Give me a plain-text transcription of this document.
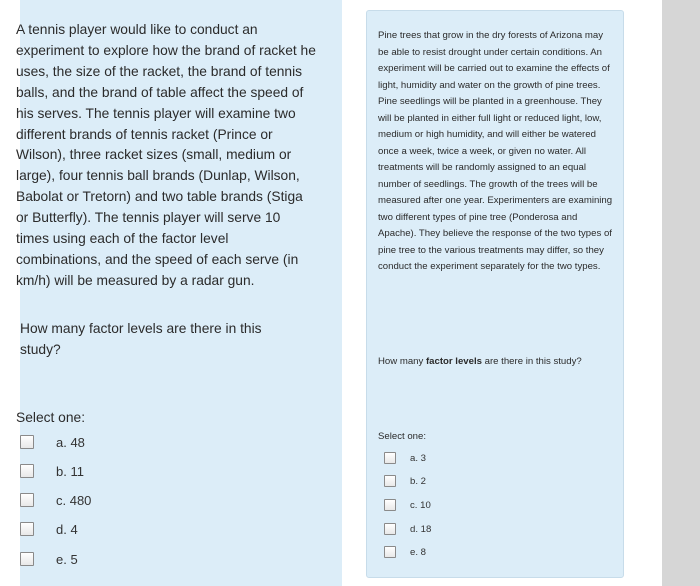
A tennis player would like to conduct an experiment to explore how the brand of racket he uses, the size of the racket, the brand of tennis balls, and the brand of table affect the speed of his serves. The tennis player will examine two different brands of tennis racket (Prince or Wilson), three racket sizes (small, medium or large), four tennis ball brands (Dunlap, Wilson, Babolat or Tretorn) and two table brands (Stiga or Butterfly). The tennis player will serve 10 times using each of the factor level combinations, and the speed of each serve (in km/h) will be measured by a radar gun.
How many factor levels are there in this study?
Select one:
a. 48
b. 11
c. 480
d. 4
e. 5
Pine trees that grow in the dry forests of Arizona may be able to resist drought under certain conditions. An experiment will be carried out to examine the effects of light, humidity and water on the growth of pine trees. Pine seedlings will be planted in a greenhouse. They will be planted in either full light or reduced light, low, medium or high humidity, and will either be watered once a week, twice a week, or given no water. All treatments will be randomly assigned to an equal number of seedlings. The growth of the trees will be measured after one year. Experimenters are examining two different types of pine tree (Ponderosa and Apache). They believe the response of the two types of pine tree to the various treatments may differ, so they conduct the experiment separately for the two types.
How many factor levels are there in this study?
Select one:
a. 3
b. 2
c. 10
d. 18
e. 8
